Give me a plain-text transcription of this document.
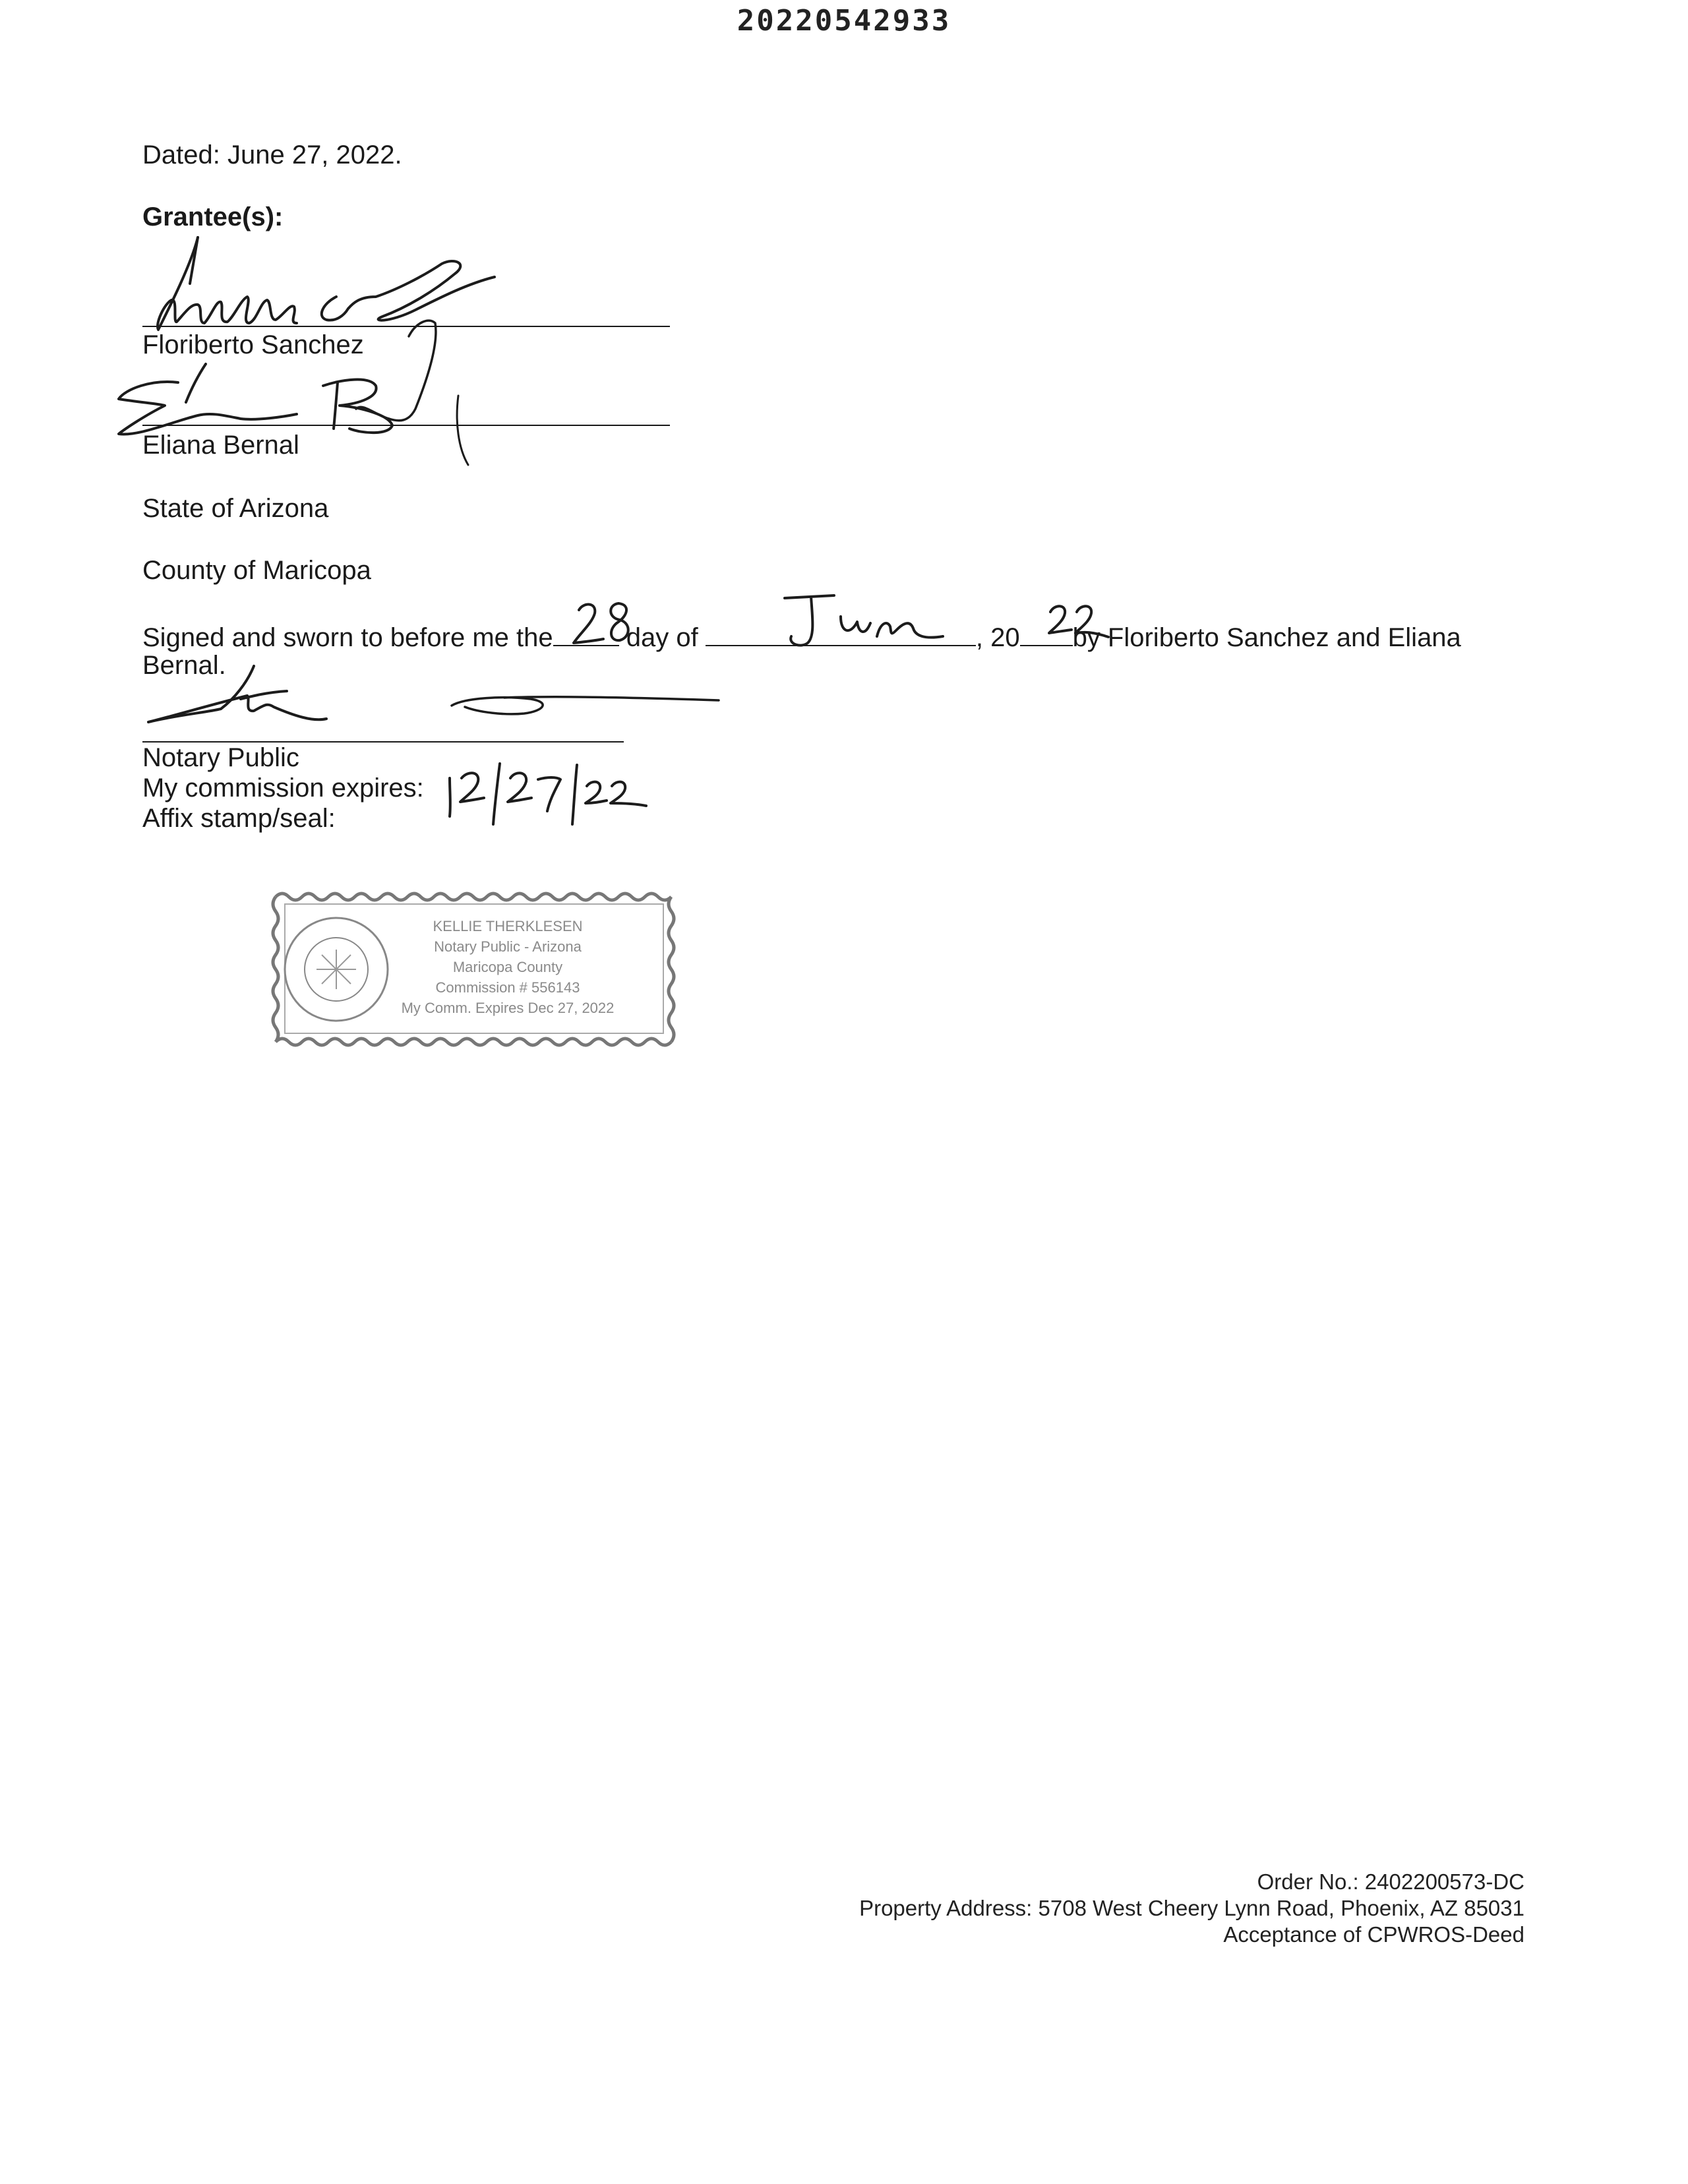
20220542933
Dated: June 27, 2022.
Grantee(s):
Floriberto Sanchez
Eliana Bernal
State of Arizona
County of Maricopa
Signed and sworn to before me the	day of	, 20 by Floriberto Sanchez and Eliana
Bernal.
Notary Public
My commission expires:
Affix stamp/seal:
KELLIE THERKLESEN
Notary Public - Arizona
Maricopa County
Commission # 556143
My Comm. Expires Dec 27, 2022
Order No.: 2402200573-DC
Property Address: 5708 West Cheery Lynn Road, Phoenix, AZ 85031
Acceptance of CPWROS-Deed
